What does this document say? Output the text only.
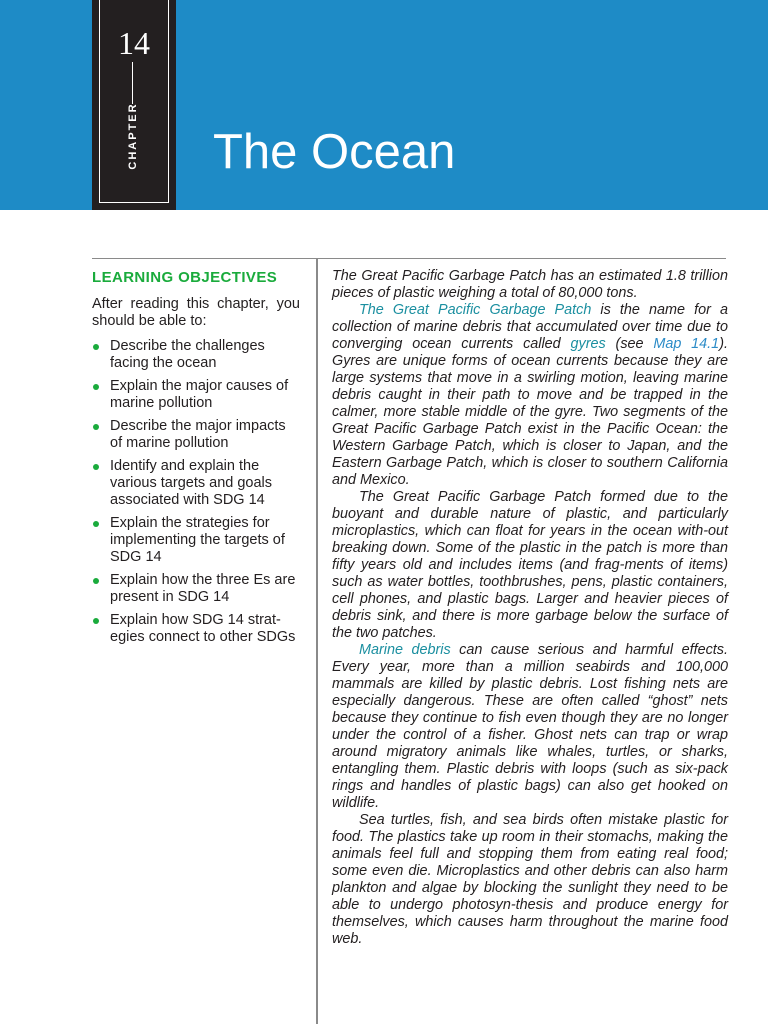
14
CHAPTER The Ocean
LEARNING OBJECTIVES

After reading this chapter, you should be able to:

Describe the challenges facing the ocean
Explain the major causes of marine pollution
Describe the major impacts of marine pollution
Identify and explain the various targets and goals associated with SDG 14
Explain the strategies for implementing the targets of SDG 14
Explain how the three Es are present in SDG 14
Explain how SDG 14 strat-egies connect to other SDGs

The Great Pacific Garbage Patch has an estimated 1.8 trillion pieces of plastic weighing a total of 80,000 tons.

The Great Pacific Garbage Patch is the name for a collection of marine debris that accumulated over time due to converging ocean currents called gyres (see Map 14.1). Gyres are unique forms of ocean currents because they are large systems that move in a swirling motion, leaving marine debris caught in their path to move and be trapped in the calmer, more stable middle of the gyre. Two segments of the Great Pacific Garbage Patch exist in the Pacific Ocean: the Western Garbage Patch, which is closer to Japan, and the Eastern Garbage Patch, which is closer to southern California and Mexico.

The Great Pacific Garbage Patch formed due to the buoyant and durable nature of plastic, and particularly microplastics, which can float for years in the ocean with-out breaking down. Some of the plastic in the patch is more than fifty years old and includes items (and frag-ments of items) such as water bottles, toothbrushes, pens, plastic containers, cell phones, and plastic bags. Larger and heavier pieces of debris sink, and there is more garbage below the surface of the two patches.

Marine debris can cause serious and harmful effects. Every year, more than a million seabirds and 100,000 mammals are killed by plastic debris. Lost fishing nets are especially dangerous. These are often called “ghost” nets because they continue to fish even though they are no longer under the control of a fisher. Ghost nets can trap or wrap around migratory animals like whales, turtles, or sharks, entangling them. Plastic debris with loops (such as six-pack rings and handles of plastic bags) can also get hooked on wildlife.

Sea turtles, fish, and sea birds often mistake plastic for food. The plastics take up room in their stomachs, making the animals feel full and stopping them from eating real food; some even die. Microplastics and other debris can also harm plankton and algae by blocking the sunlight they need to be able to undergo photosyn-thesis and produce energy for themselves, which causes harm throughout the marine food web.
